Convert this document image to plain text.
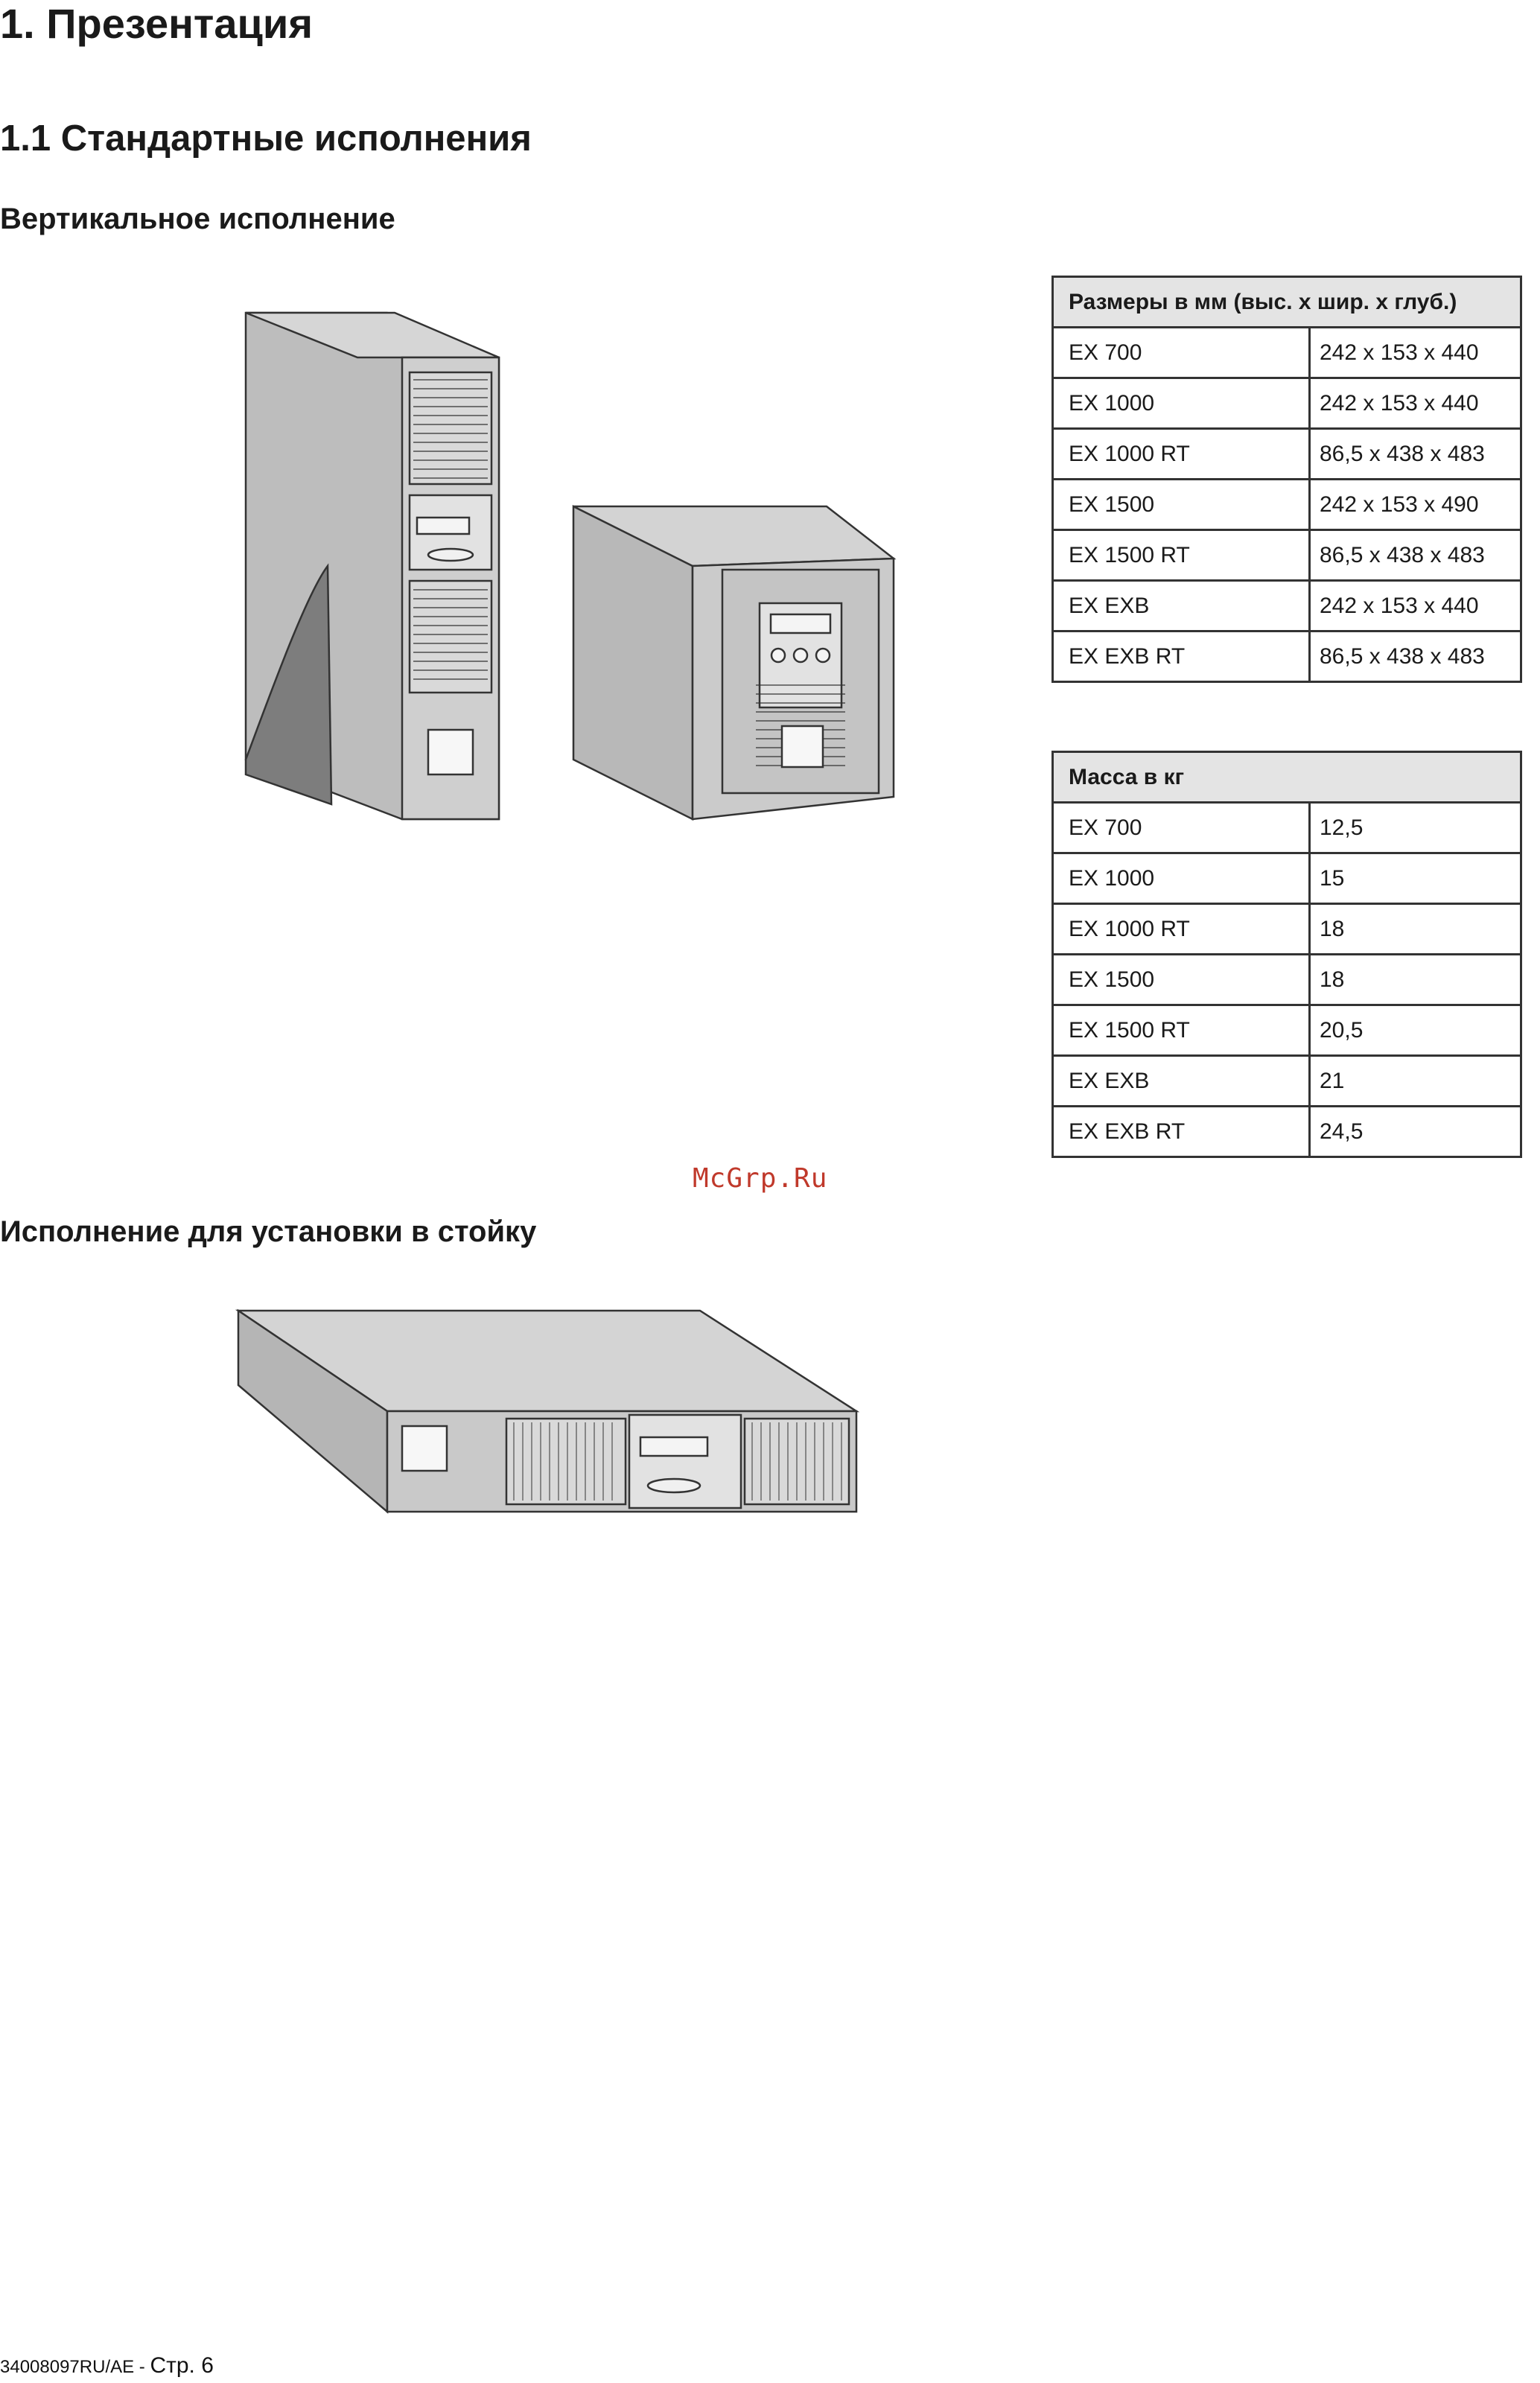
1. Презентация
1.1 Стандартные исполнения
Вертикальное исполнение
Исполнение для установки в стойку
Размеры в мм (выс. x шир. x глуб.)	
EX 700	242 x 153 x 440
EX 1000	242 x 153 x 440
EX 1000 RT	86,5 x 438 x 483
EX 1500	242 x 153 x 490
EX 1500 RT	86,5 x 438 x 483
EX EXB	242 x 153 x 440
EX EXB RT	86,5 x 438 x 483
Масса в кг	
EX 700	12,5
EX 1000	15
EX 1000 RT	18
EX 1500	18
EX 1500 RT	20,5
EX EXB	21
EX EXB RT	24,5
McGrp.Ru
34008097RU/AE - Стр. 6
